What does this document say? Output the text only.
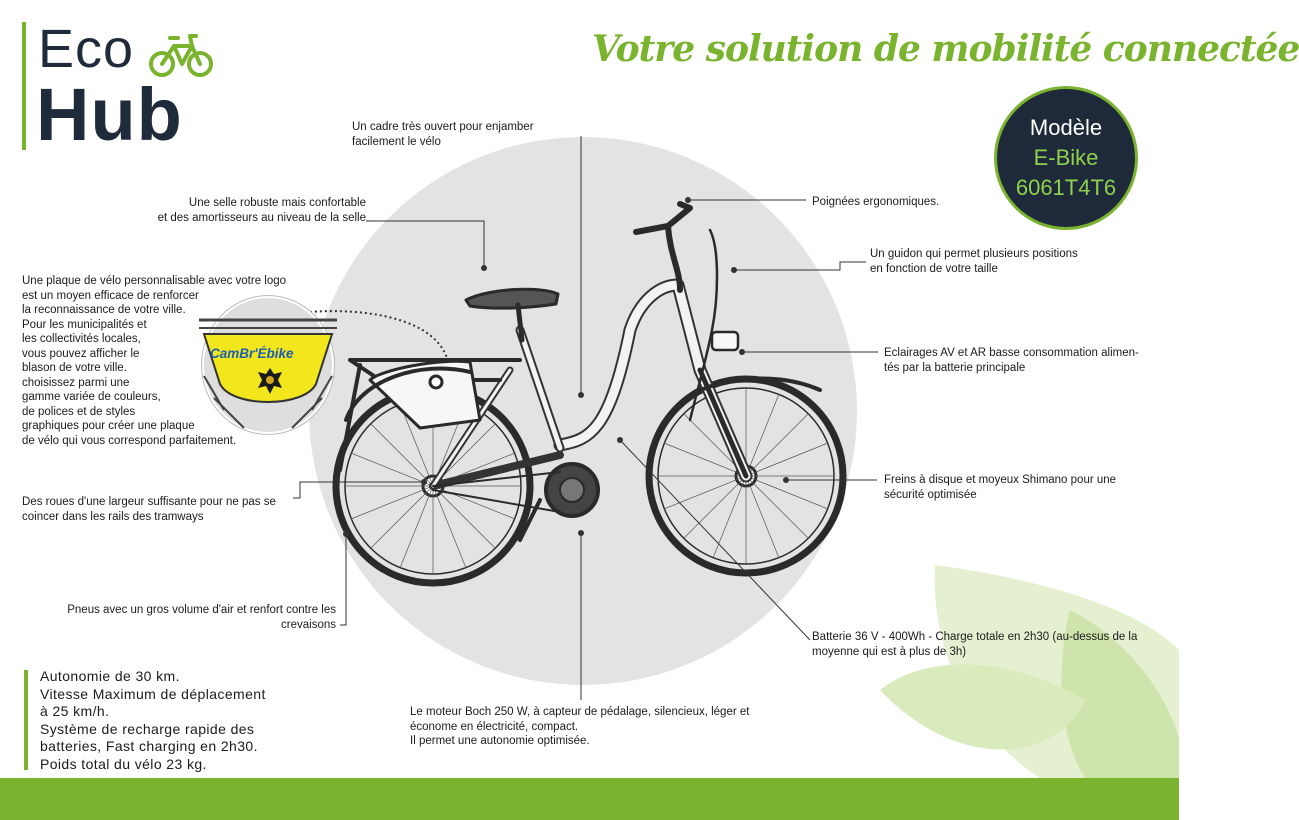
Eco
Hub
Votre solution de mobilité connectée
Modèle
E-Bike
6061T4T6
CamBr'Ébike
Un cadre très ouvert pour enjamber
facilement le vélo
Une selle robuste mais confortable
et des amortisseurs au niveau de la selle
Une plaque de vélo personnalisable avec votre logo
est un moyen efficace de renforcer
la reconnaissance de votre ville.
Pour les municipalités et
les collectivités locales,
vous pouvez afficher le
blason de votre ville.
choisissez parmi une
gamme variée de couleurs,
de polices et de styles
graphiques pour créer une plaque
de vélo qui vous correspond parfaitement.
Des roues d'une largeur suffisante pour ne pas se
coincer dans les rails des tramways
Pneus avec un gros volume d'air et renfort contre les
crevaisons
Poignées ergonomiques.
Un guidon qui permet plusieurs positions
en fonction de votre taille
Eclairages AV et AR basse consommation alimen-
tés par la batterie principale
Freins à disque et moyeux Shimano pour une
sécurité optimisée
Batterie 36 V - 400Wh - Charge totale en 2h30 (au-dessus de la
moyenne qui est à plus de 3h)
Le moteur Boch 250 W, à capteur de pédalage, silencieux, léger et
économe en électricité, compact.
Il permet une autonomie optimisée.
Autonomie de 30 km.
Vitesse Maximum de déplacement
à 25 km/h.
Système de recharge rapide des
batteries, Fast charging en 2h30.
Poids total du vélo 23 kg.
